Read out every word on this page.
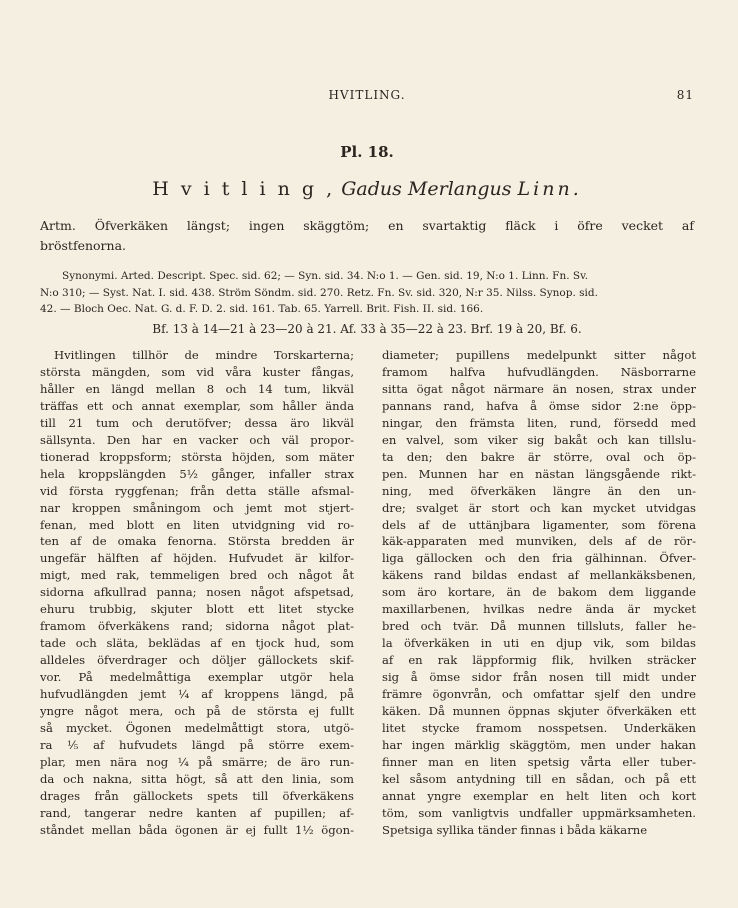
HVITLING.	81
Pl. 18.
H v i t l i n g , Gadus Merlangus Linn.
Artm. Öfverkäken längst; ingen skäggtöm; en svartaktig fläck i öfre vecket af
bröstfenorna.
Synonymi. Arted. Descript. Spec. sid. 62; — Syn. sid. 34. N:o 1. — Gen. sid. 19, N:o 1. Linn. Fn. Sv.
N:o 310; — Syst. Nat. I. sid. 438. Ström Söndm. sid. 270. Retz. Fn. Sv. sid. 320, N:r 35. Nilss. Synop. sid.
42. — Bloch Oec. Nat. G. d. F. D. 2. sid. 161. Tab. 65. Yarrell. Brit. Fish. II. sid. 166.
Bf. 13 à 14—21 à 23—20 à 21. Af. 33 à 35—22 à 23. Brf. 19 à 20, Bf. 6.
Hvitlingen tillhör de mindre Torskarterna;
största mängden, som vid våra kuster fångas,
håller en längd mellan 8 och 14 tum, likväl
träffas ett och annat exemplar, som håller ända
till 21 tum och derutöfver; dessa äro likväl
sällsynta. Den har en vacker och väl propor-
tionerad kroppsform; största höjden, som mäter
hela kroppslängden 5½ gånger, infaller strax
vid första ryggfenan; från detta ställe afsmal-
nar kroppen småningom och jemt mot stjert-
fenan, med blott en liten utvidgning vid ro-
ten af de omaka fenorna. Största bredden är
ungefär hälften af höjden. Hufvudet är kilfor-
migt, med rak, temmeligen bred och något åt
sidorna afkullrad panna; nosen något afspetsad,
ehuru trubbig, skjuter blott ett litet stycke
framom öfverkäkens rand; sidorna något plat-
tade och släta, beklädas af en tjock hud, som
alldeles öfverdrager och döljer gällockets skif-
vor. På medelmåttiga exemplar utgör hela
hufvudlängden jemt ¼ af kroppens längd, på
yngre något mera, och på de största ej fullt
så mycket. Ögonen medelmåttigt stora, utgö-
ra ⅕ af hufvudets längd på större exem-
plar, men nära nog ¼ på smärre; de äro run-
da och nakna, sitta högt, så att den linia, som
drages från gällockets spets till öfverkäkens
rand, tangerar nedre kanten af pupillen; af-
ståndet mellan båda ögonen är ej fullt 1½ ögon-
diameter; pupillens medelpunkt sitter något
framom halfva hufvudlängden. Näsborrarne
sitta ögat något närmare än nosen, strax under
pannans rand, hafva å ömse sidor 2:ne öpp-
ningar, den främsta liten, rund, försedd med
en valvel, som viker sig bakåt och kan tillslu-
ta den; den bakre är större, oval och öp-
pen. Munnen har en nästan längsgående rikt-
ning, med öfverkäken längre än den un-
dre; svalget är stort och kan mycket utvidgas
dels af de uttänjbara ligamenter, som förena
käk-apparaten med munviken, dels af de rör-
liga gällocken och den fria gälhinnan. Öfver-
käkens rand bildas endast af mellankäksbenen,
som äro kortare, än de bakom dem liggande
maxillarbenen, hvilkas nedre ända är mycket
bred och tvär. Då munnen tillsluts, faller he-
la öfverkäken in uti en djup vik, som bildas
af en rak läppformig flik, hvilken sträcker
sig å ömse sidor från nosen till midt under
främre ögonvrån, och omfattar sjelf den undre
käken. Då munnen öppnas skjuter öfverkäken ett
litet stycke framom nosspetsen. Underkäken
har ingen märklig skäggtöm, men under hakan
finner man en liten spetsig vårta eller tuber-
kel såsom antydning till en sådan, och på ett
annat yngre exemplar en helt liten och kort
töm, som vanligtvis undfaller uppmärksamheten.
Spetsiga syllika tänder finnas i båda käkarne
